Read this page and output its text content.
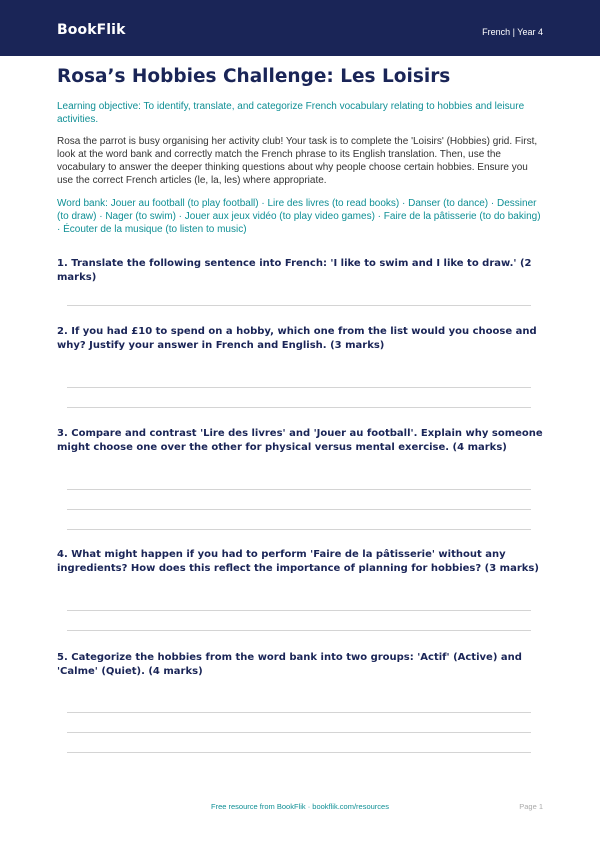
BookFlik	French | Year 4
Rosa’s Hobbies Challenge: Les Loisirs
Learning objective: To identify, translate, and categorize French vocabulary relating to hobbies and leisure activities.
Rosa the parrot is busy organising her activity club! Your task is to complete the 'Loisirs' (Hobbies) grid. First, look at the word bank and correctly match the French phrase to its English translation. Then, use the vocabulary to answer the deeper thinking questions about why people choose certain hobbies. Ensure you use the correct French articles (le, la, les) where appropriate.
Word bank: Jouer au football (to play football) · Lire des livres (to read books) · Danser (to dance) · Dessiner (to draw) · Nager (to swim) · Jouer aux jeux vidéo (to play video games) · Faire de la pâtisserie (to do baking) · Écouter de la musique (to listen to music)
1. Translate the following sentence into French: 'I like to swim and I like to draw.' (2 marks)
2. If you had £10 to spend on a hobby, which one from the list would you choose and why? Justify your answer in French and English. (3 marks)
3. Compare and contrast 'Lire des livres' and 'Jouer au football'. Explain why someone might choose one over the other for physical versus mental exercise. (4 marks)
4. What might happen if you had to perform 'Faire de la pâtisserie' without any ingredients? How does this reflect the importance of planning for hobbies? (3 marks)
5. Categorize the hobbies from the word bank into two groups: 'Actif' (Active) and 'Calme' (Quiet). (4 marks)
Free resource from BookFlik · bookflik.com/resources	Page 1
